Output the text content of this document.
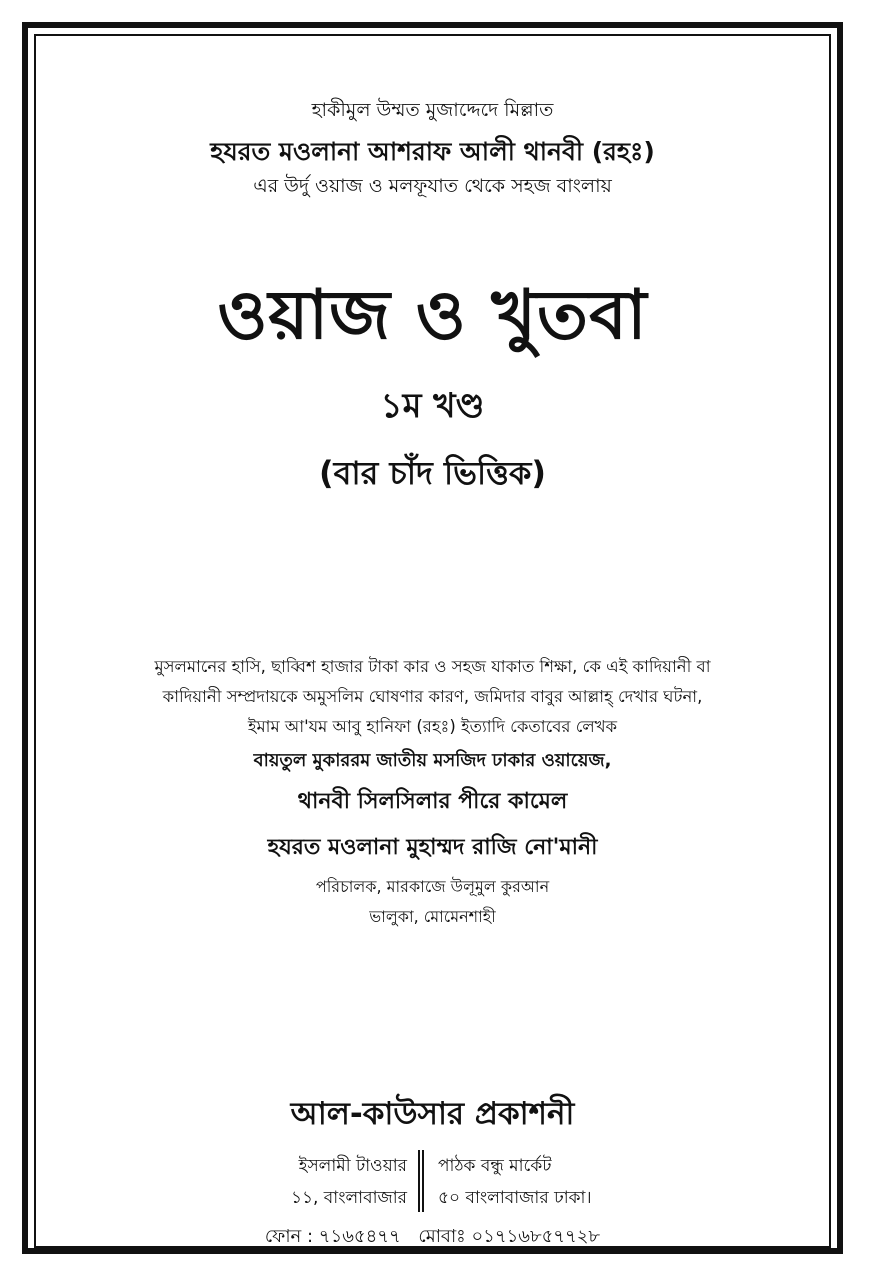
হাকীমুল উম্মত মুজাদ্দেদে মিল্লাত
হযরত মওলানা আশরাফ আলী থানবী (রহঃ)
এর উর্দু ওয়াজ ও মলফূযাত থেকে সহজ বাংলায়
ওয়াজ ও খুতবা
১ম খণ্ড
(বার চাঁদ ভিত্তিক)
মুসলমানের হাসি, ছাব্বিশ হাজার টাকা কার ও সহজ যাকাত শিক্ষা, কে এই কাদিয়ানী বা
কাদিয়ানী সম্প্রদায়কে অমুসলিম ঘোষণার কারণ, জমিদার বাবুর আল্লাহ্ দেখার ঘটনা,
ইমাম আ'যম আবু হানিফা (রহঃ) ইত্যাদি কেতাবের লেখক
বায়তুল মুকাররম জাতীয় মসজিদ ঢাকার ওয়ায়েজ,
থানবী সিলসিলার পীরে কামেল
হযরত মওলানা মুহাম্মদ রাজি নো'মানী
পরিচালক, মারকাজে উলূমুল কুরআন
ভালুকা, মোমেনশাহী
আল-কাউসার প্রকাশনী
ইসলামী টাওয়ার
১১, বাংলাবাজার
পাঠক বন্ধু মার্কেট
৫০ বাংলাবাজার ঢাকা।
ফোন : ৭১৬৫৪৭৭ মোবাঃ ০১৭১৬৮৫৭৭২৮
